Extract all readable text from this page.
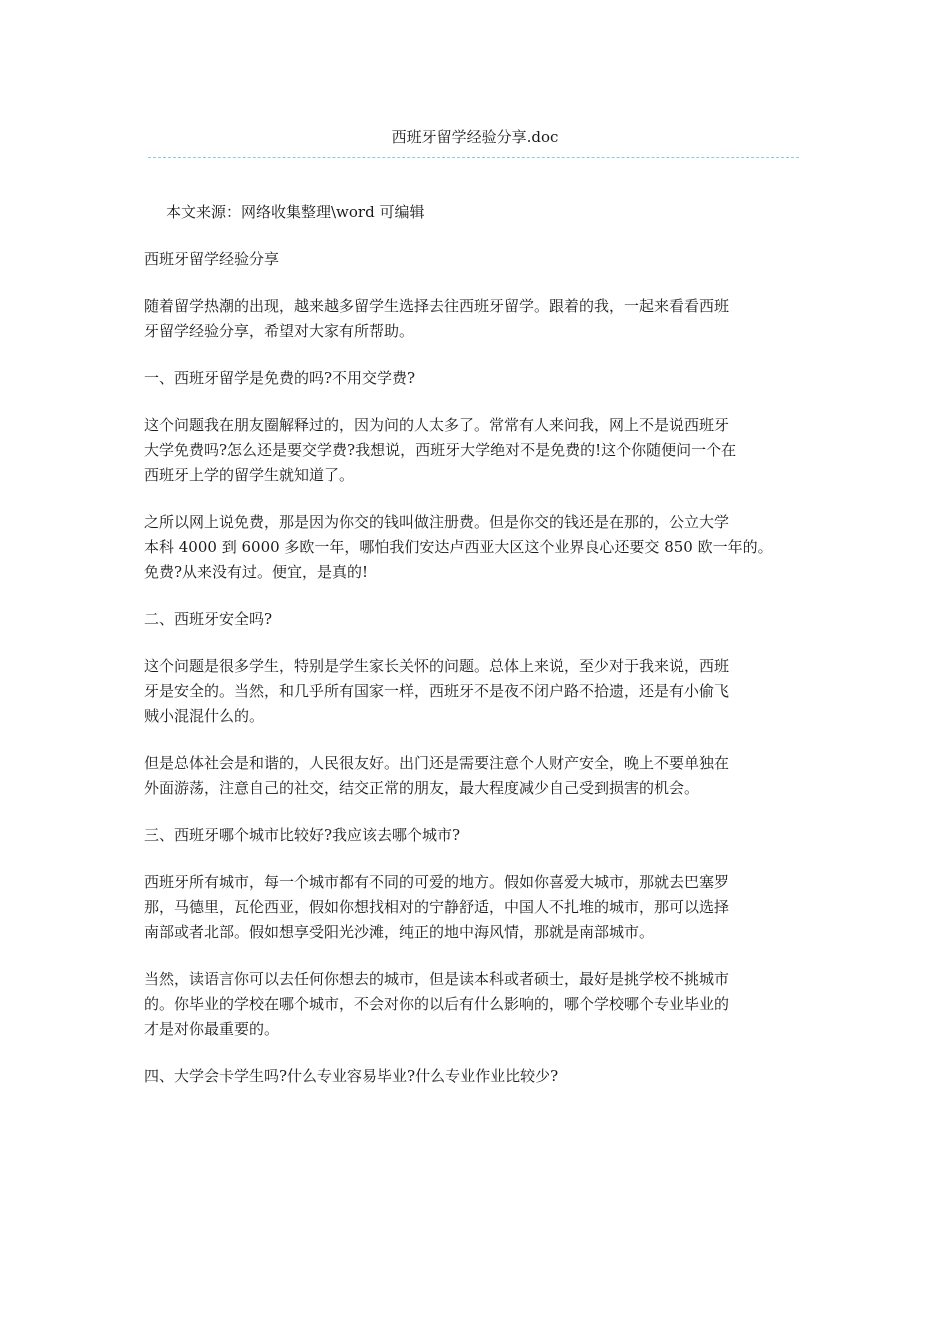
西班牙留学经验分享.doc

本文来源：网络收集整理\word 可编辑

西班牙留学经验分享

随着留学热潮的出现，越来越多留学生选择去往西班牙留学。跟着的我，一起来看看西班
牙留学经验分享，希望对大家有所帮助。

一、西班牙留学是免费的吗?不用交学费?

这个问题我在朋友圈解释过的，因为问的人太多了。常常有人来问我，网上不是说西班牙
大学免费吗?怎么还是要交学费?我想说，西班牙大学绝对不是免费的!这个你随便问一个在
西班牙上学的留学生就知道了。

之所以网上说免费，那是因为你交的钱叫做注册费。但是你交的钱还是在那的，公立大学
本科 4000 到 6000 多欧一年，哪怕我们安达卢西亚大区这个业界良心还要交 850 欧一年的。
免费?从来没有过。便宜，是真的!

二、西班牙安全吗?

这个问题是很多学生，特别是学生家长关怀的问题。总体上来说，至少对于我来说，西班
牙是安全的。当然，和几乎所有国家一样，西班牙不是夜不闭户路不拾遗，还是有小偷飞
贼小混混什么的。

但是总体社会是和谐的，人民很友好。出门还是需要注意个人财产安全，晚上不要单独在
外面游荡，注意自己的社交，结交正常的朋友，最大程度减少自己受到损害的机会。

三、西班牙哪个城市比较好?我应该去哪个城市?

西班牙所有城市，每一个城市都有不同的可爱的地方。假如你喜爱大城市，那就去巴塞罗
那，马德里，瓦伦西亚，假如你想找相对的宁静舒适，中国人不扎堆的城市，那可以选择
南部或者北部。假如想享受阳光沙滩，纯正的地中海风情，那就是南部城市。

当然，读语言你可以去任何你想去的城市，但是读本科或者硕士，最好是挑学校不挑城市
的。你毕业的学校在哪个城市，不会对你的以后有什么影响的，哪个学校哪个专业毕业的
才是对你最重要的。

四、大学会卡学生吗?什么专业容易毕业?什么专业作业比较少?
